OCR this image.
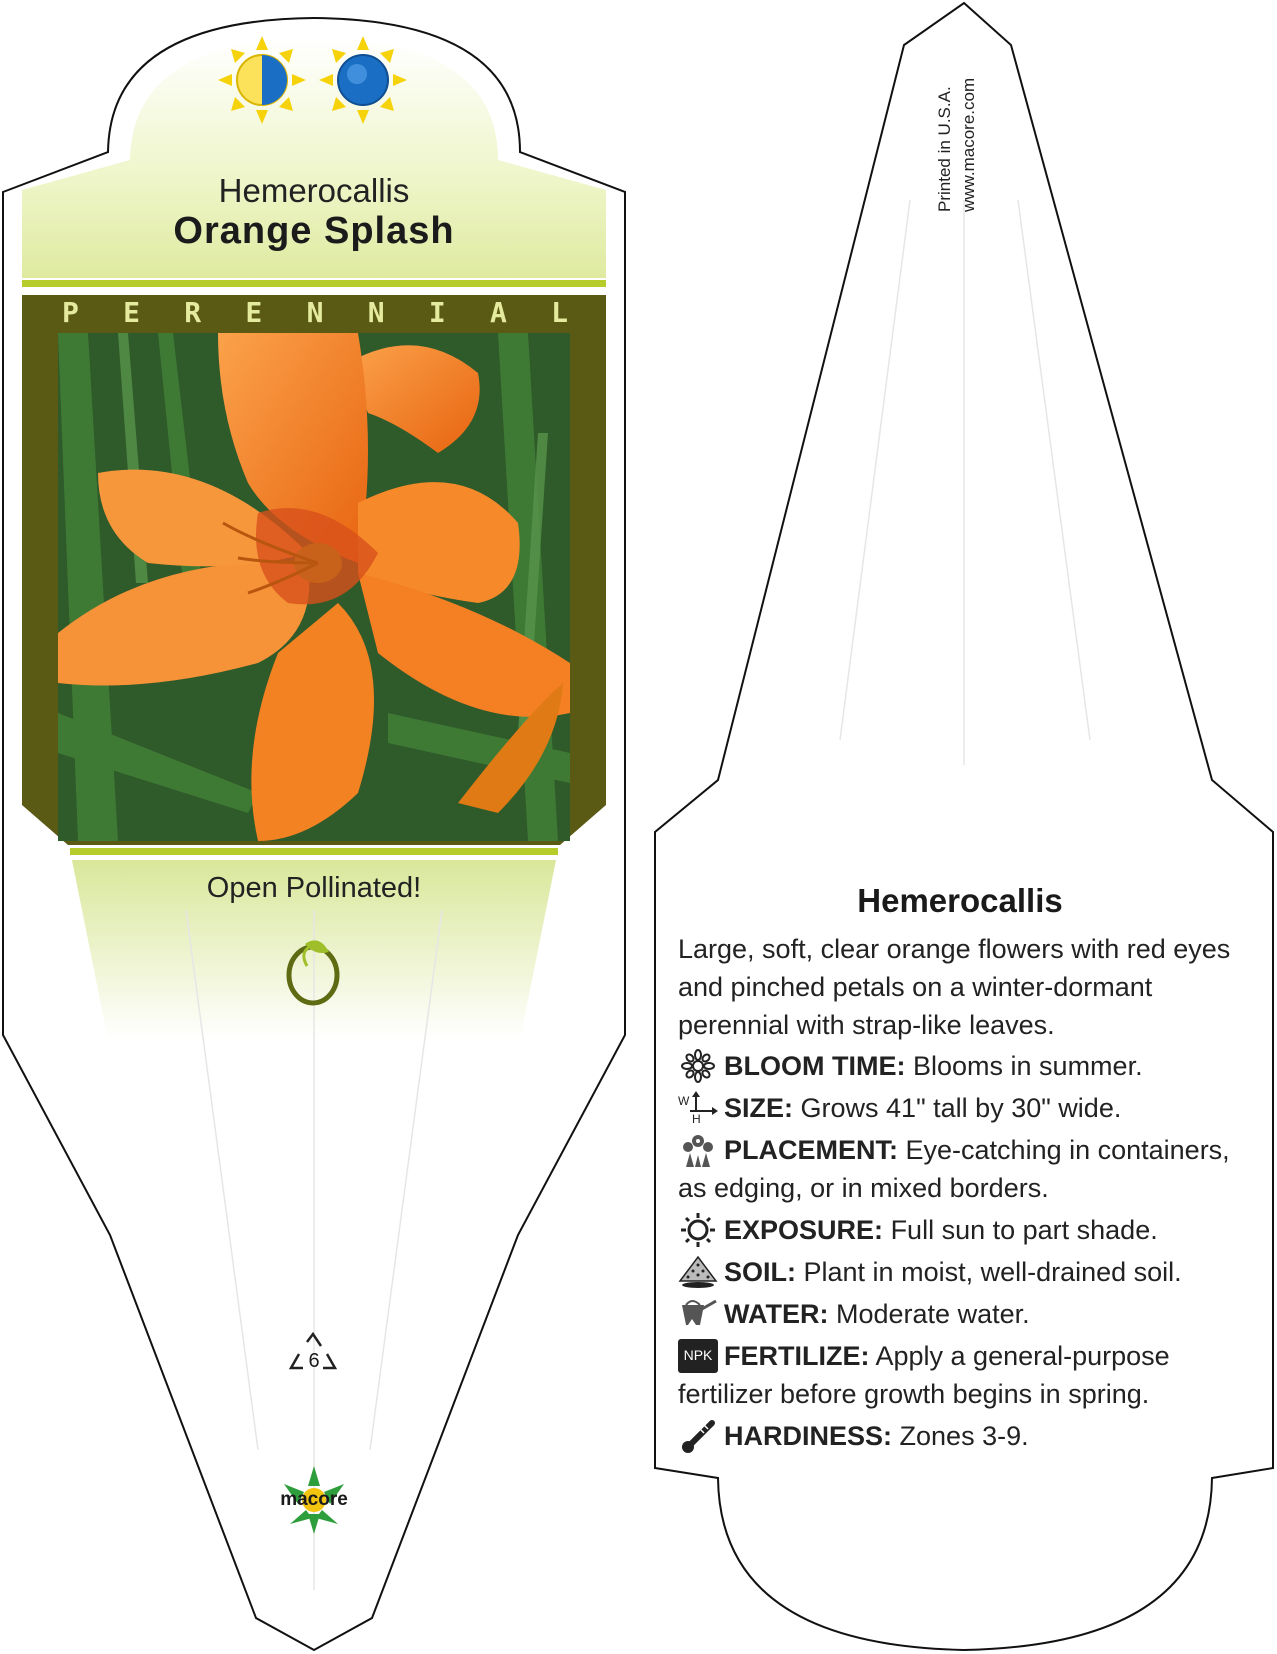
Hemerocallis
Orange Splash
P E R E N N I A L
Open Pollinated!
6
macore
Printed in U.S.A. www.macore.com
Hemerocallis
Large, soft, clear orange flowers with red eyes and pinched petals on a winter-dormant perennial with strap-like leaves.
BLOOM TIME: Blooms in summer.
W
H SIZE: Grows 41" tall by 30" wide.
PLACEMENT: Eye-catching in containers, as edging, or in mixed borders.
EXPOSURE: Full sun to part shade.
SOIL: Plant in moist, well-drained soil.
WATER: Moderate water.
NPK FERTILIZE: Apply a general-purpose fertilizer before growth begins in spring.
HARDINESS: Zones 3-9.
